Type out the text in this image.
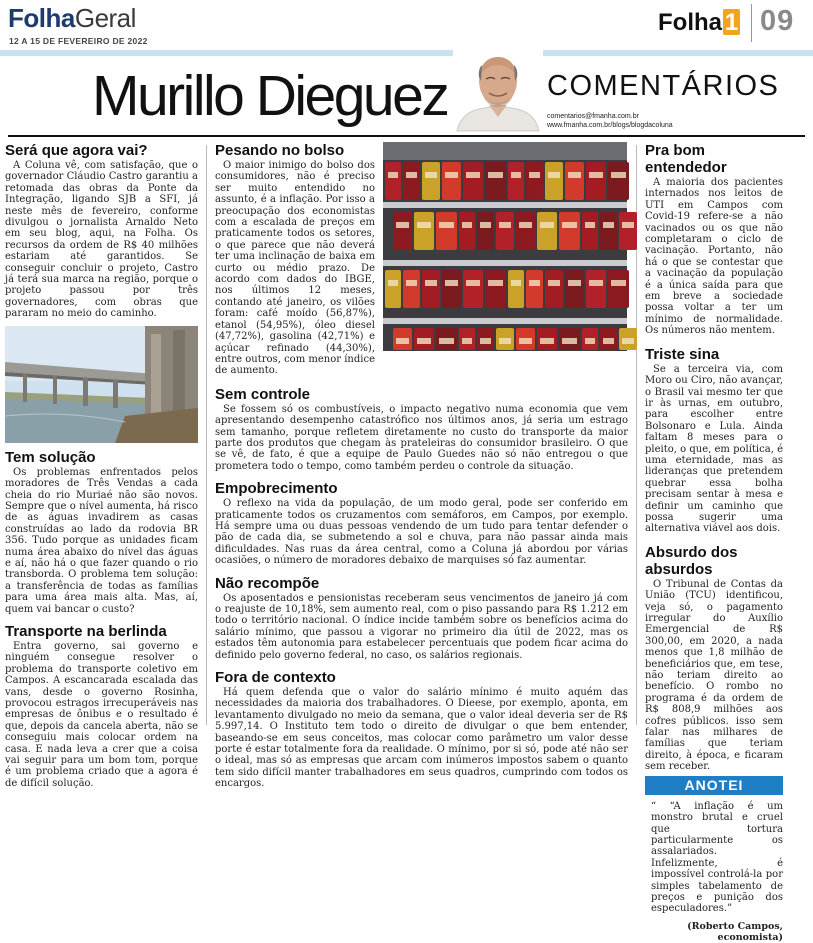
FolhaGeral
12 A 15 DE FEVEREIRO DE 2022
Folha 1 09
Murillo Dieguez	COMENTÁRIOS
comentarios@fmanha.com.br
www.fmanha.com.br/blogs/blogdacoluna
Será que agora vai?

A Coluna vê, com satisfação, que o governador Cláudio Castro garantiu a retomada das obras da Ponte da Integração, ligando SJB a SFI, já neste mês de fevereiro, conforme divulgou o jornalista Arnaldo Neto em seu blog, aqui, na Folha. Os recursos da ordem de R$ 40 milhões estariam até garantidos. Se conseguir concluir o projeto, Castro já terá sua marca na região, porque o projeto passou por três governadores, com obras que pararam no meio do caminho.

Tem solução

Os problemas enfrentados pelos moradores de Três Vendas a cada cheia do rio Muriaé não são novos. Sempre que o nível aumenta, há risco de as águas invadirem as casas construídas ao lado da rodovia BR 356. Tudo porque as unidades ficam numa área abaixo do nível das águas e aí, não há o que fazer quando o rio transborda. O problema tem solução: a transferência de todas as famílias para uma área mais alta. Mas, aí, quem vai bancar o custo?

Transporte na berlinda

Entra governo, sai governo e ninguém consegue resolver o problema do transporte coletivo em Campos. A escancarada escalada das vans, desde o governo Rosinha, provocou estragos irrecuperáveis nas empresas de ônibus e o resultado é que, depois da cancela aberta, não se conseguiu mais colocar ordem na casa. E nada leva a crer que a coisa vai seguir para um bom tom, porque é um problema criado que a agora é de difícil solução.

Pesando no bolso

O maior inimigo do bolso dos consumidores, não é preciso ser muito entendido no assunto, é a inflação. Por isso a preocupação dos economistas com a escalada de preços em praticamente todos os setores, o que parece que não deverá ter uma inclinação de baixa em curto ou médio prazo. De acordo com dados do IBGE, nos últimos 12 meses, contando até janeiro, os vilões foram: café moído (56,87%), etanol (54,95%), óleo diesel (47,72%), gasolina (42,71%) e açúcar refinado (44,30%), entre outros, com menor índice de aumento.

Sem controle

Se fossem só os combustíveis, o impacto negativo numa economia que vem apresentando desempenho catastrófico nos últimos anos, já seria um estrago sem tamanho, porque refletem diretamente no custo do transporte da maior parte dos produtos que chegam às prateleiras do consumidor brasileiro. O que se vê, de fato, é que a equipe de Paulo Guedes não só não entregou o que prometera todo o tempo, como também perdeu o controle da situação.

Empobrecimento

O reflexo na vida da população, de um modo geral, pode ser conferido em praticamente todos os cruzamentos com semáforos, em Campos, por exemplo. Há sempre uma ou duas pessoas vendendo de um tudo para tentar defender o pão de cada dia, se submetendo a sol e chuva, para não passar ainda mais dificuldades. Nas ruas da área central, como a Coluna já abordou por várias ocasiões, o número de moradores debaixo de marquises só faz aumentar.

Não recompõe

Os aposentados e pensionistas receberam seus vencimentos de janeiro já com o reajuste de 10,18%, sem aumento real, com o piso passando para R$ 1.212 em todo o território nacional. O índice incide também sobre os benefícios acima do salário mínimo, que passou a vigorar no primeiro dia útil de 2022, mas os estados têm autonomia para estabelecer percentuais que podem ficar acima do definido pelo governo federal, no caso, os salários regionais.

Fora de contexto

Há quem defenda que o valor do salário mínimo é muito aquém das necessidades da maioria dos trabalhadores. O Dieese, por exemplo, aponta, em levantamento divulgado no meio da semana, que o valor ideal deveria ser de R$ 5.997,14. O Instituto tem todo o direito de divulgar o que bem entender, baseando-se em seus conceitos, mas colocar como parâmetro um valor desse porte é estar totalmente fora da realidade. O mínimo, por si só, pode até não ser o ideal, mas só as empresas que arcam com inúmeros impostos sabem o quanto tem sido difícil manter trabalhadores em seus quadros, cumprindo com todos os encargos.

Pra bom entendedor

A maioria dos pacientes internados nos leitos de UTI em Campos com Covid-19 refere-se a não vacinados ou os que não completaram o ciclo de vacinação. Portanto, não há o que se contestar que a vacinação da população é a única saída para que em breve a sociedade possa voltar a ter um mínimo de normalidade. Os números não mentem.

Triste sina

Se a terceira via, com Moro ou Ciro, não avançar, o Brasil vai mesmo ter que ir às urnas, em outubro, para escolher entre Bolsonaro e Lula. Ainda faltam 8 meses para o pleito, o que, em política, é uma eternidade, mas as lideranças que pretendem quebrar essa bolha precisam sentar à mesa e definir um caminho que possa sugerir uma alternativa viável aos dois.

Absurdo dos absurdos

O Tribunal de Contas da União (TCU) identificou, veja só, o pagamento irregular do Auxílio Emergencial de R$ 300,00, em 2020, a nada menos que 1,8 milhão de beneficiários que, em tese, não teriam direito ao benefício. O rombo no programa é da ordem de R$ 808,9 milhões aos cofres públicos. isso sem falar nas milhares de famílias que teriam direito, à época, e ficaram sem receber.

ANOTEI
“ “A inflação é um monstro brutal e cruel que tortura particularmente os assalariados. Infelizmente, é impossível controlá-la por simples tabelamento de preços e punição dos especuladores.”
(Roberto Campos, economista)
